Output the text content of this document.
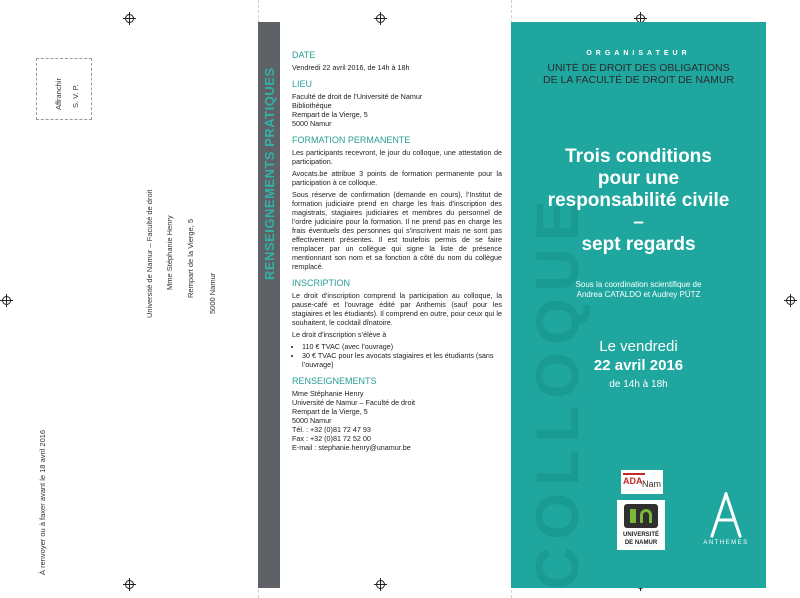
Affranchir S. V. P.
Université de Namur – Faculté de droit Mme Stéphanie Henry Rempart de la Vierge, 5 5000 Namur
À renvoyer ou à faxer avant le 18 avril 2016
RENSEIGNEMENTS PRATIQUES
DATE

Vendredi 22 avril 2016, de 14h à 18h

LIEU
Faculté de droit de l’Université de Namur
Bibliothèque
Rempart de la Vierge, 5
5000 Namur
FORMATION PERMANENTE

Les participants recevront, le jour du colloque, une attestation de participation.

Avocats.be attribue 3 points de formation permanente pour la participation à ce colloque.

Sous réserve de confirmation (demande en cours), l’Institut de formation judiciaire prend en charge les frais d’inscription des magistrats, stagiaires judiciaires et membres du personnel de l’ordre judiciaire pour la formation. Il ne prend pas en charge les frais éventuels des personnes qui s’inscrivent mais ne sont pas effectivement présentes. Il est toutefois permis de se faire remplacer par un collègue qui signe la liste de présence mentionnant son nom et sa fonction à côté du nom du collègue remplacé.

INSCRIPTION

Le droit d’inscription comprend la participation au colloque, la pause-café et l’ouvrage édité par Anthemis (sauf pour les stagiaires et les étudiants). Il comprend en outre, pour ceux qui le souhaitent, le cocktail dînatoire.

Le droit d’inscription s’élève à

• 110 € TVAC (avec l’ouvrage)
• 30 € TVAC pour les avocats stagiaires et les étudiants (sans l’ouvrage)
RENSEIGNEMENTS
Mme Stéphanie Henry
Université de Namur – Faculté de droit
Rempart de la Vierge, 5
5000 Namur
Tél. : +32 (0)81 72 47 93
Fax : +32 (0)81 72 52 00
E-mail : stephanie.henry@unamur.be	COLLOQUE
ORGANISATEUR
UNITÉ DE DROIT DES OBLIGATIONS
DE LA FACULTÉ DE DROIT DE NAMUR
Trois conditions
pour une
responsabilité civile
–
sept regards
Sous la coordination scientifique de
Andrea CATALDO et Audrey PÜTZ
Le vendredi
22 avril 2016
de 14h à 18h
ADA Nam
UNIVERSITÉ
DE NAMUR	ANTHEMES
